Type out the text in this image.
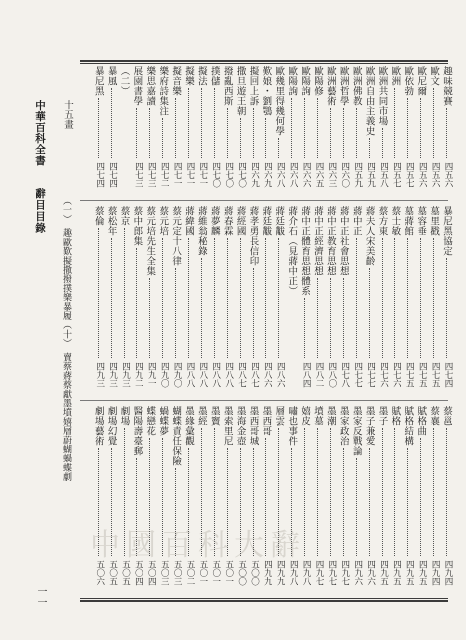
中華百科全書
辭目目錄
十五畫
（一）　趣歐歎擬撒撥撲樂暴履（十）　賣蔡蔣蔡獻墨墳嬉層蔚蝴蝸蝶劇
一一
中國百科大辭
趣味競賽
四五六
歐文
四五六
歐尼爾
四五六
歐依勃
四五七
歐洲
四五七
歐洲共同市場
四五八
歐洲自由主義史
四五九
歐洲佛教
四五九
歐洲哲學
四六〇
歐洲藝術
四六三
歐陽修
四六五
歐陽詢
四六六
歐陽詢
四六八
歐幾里得幾何學
四六八
歎娘・劉鶚
四六九
擬回上訴
四六九
撒旦遊王朝
四七〇
撥亂西斯
四七〇
撲儲
四七〇
擬法
四七一
擬樂
四七一
擬音樂
四七一
樂府詩集注
四七二
樂思嘉讀
四七三
展園書學
四七三
（二）
暴風
四七四
暴尼黑
四七四
暴尼黑協定
四七四
墓里戳
四七五
墓容垂
四七五
墓蔣館
四七五
蔡士敏
四七六
蔡方東
四七六
蔣夫人宋美齡
四七七
蔣中正
四七七
蔣中正社會思想
四七八
蔣中正教育思想
四八〇
蔣中正經濟思想
四八二
蔣中正體育思想體系
四八四
蔣介石（見蔣中正）
蔣廷黻
四八六
蔣廷黻
四八六
蔣孝勇長信印
四八七
蔣經國
四八七
蔣春霖
四八八
蔣夢麟
四八八
蔣維翁秘錄
四八八
蔣緯國
四八八
蔡元定十八律
四九〇
蔡元培
四九〇
蔡元培先生全集
四九一
蔡中郎集
四九二
蔡京
四九三
蔡松年
四九三
蔡倫
四九三
蔡邕
四九四
蔡襄
四九四
賦格曲
四九五
賦格結構
四九五
賦格
四九五
墨子
四九五
墨子兼愛
四九六
墨家反戰論
四九六
墨家政治
四九七
墨潮
四九七
墳墓
四九七
嬉皮
四九八
嘯也事件
四九八
層雲
四九九
墨西哥
四九九
墨西哥城
五〇〇
墨海金壺
五〇〇
墨索里尼
五〇一
墨竇
五〇一
墨經
五〇一
墨緣彙觀
五〇二
蝴蝶責任保險
五〇三
蝸蝶夢
五〇三
蝶戀花
五〇四
醫陽壽臺郵
五〇四
劇場
五〇五
劇場幻覺
五〇五
劇場藝術
五〇六
